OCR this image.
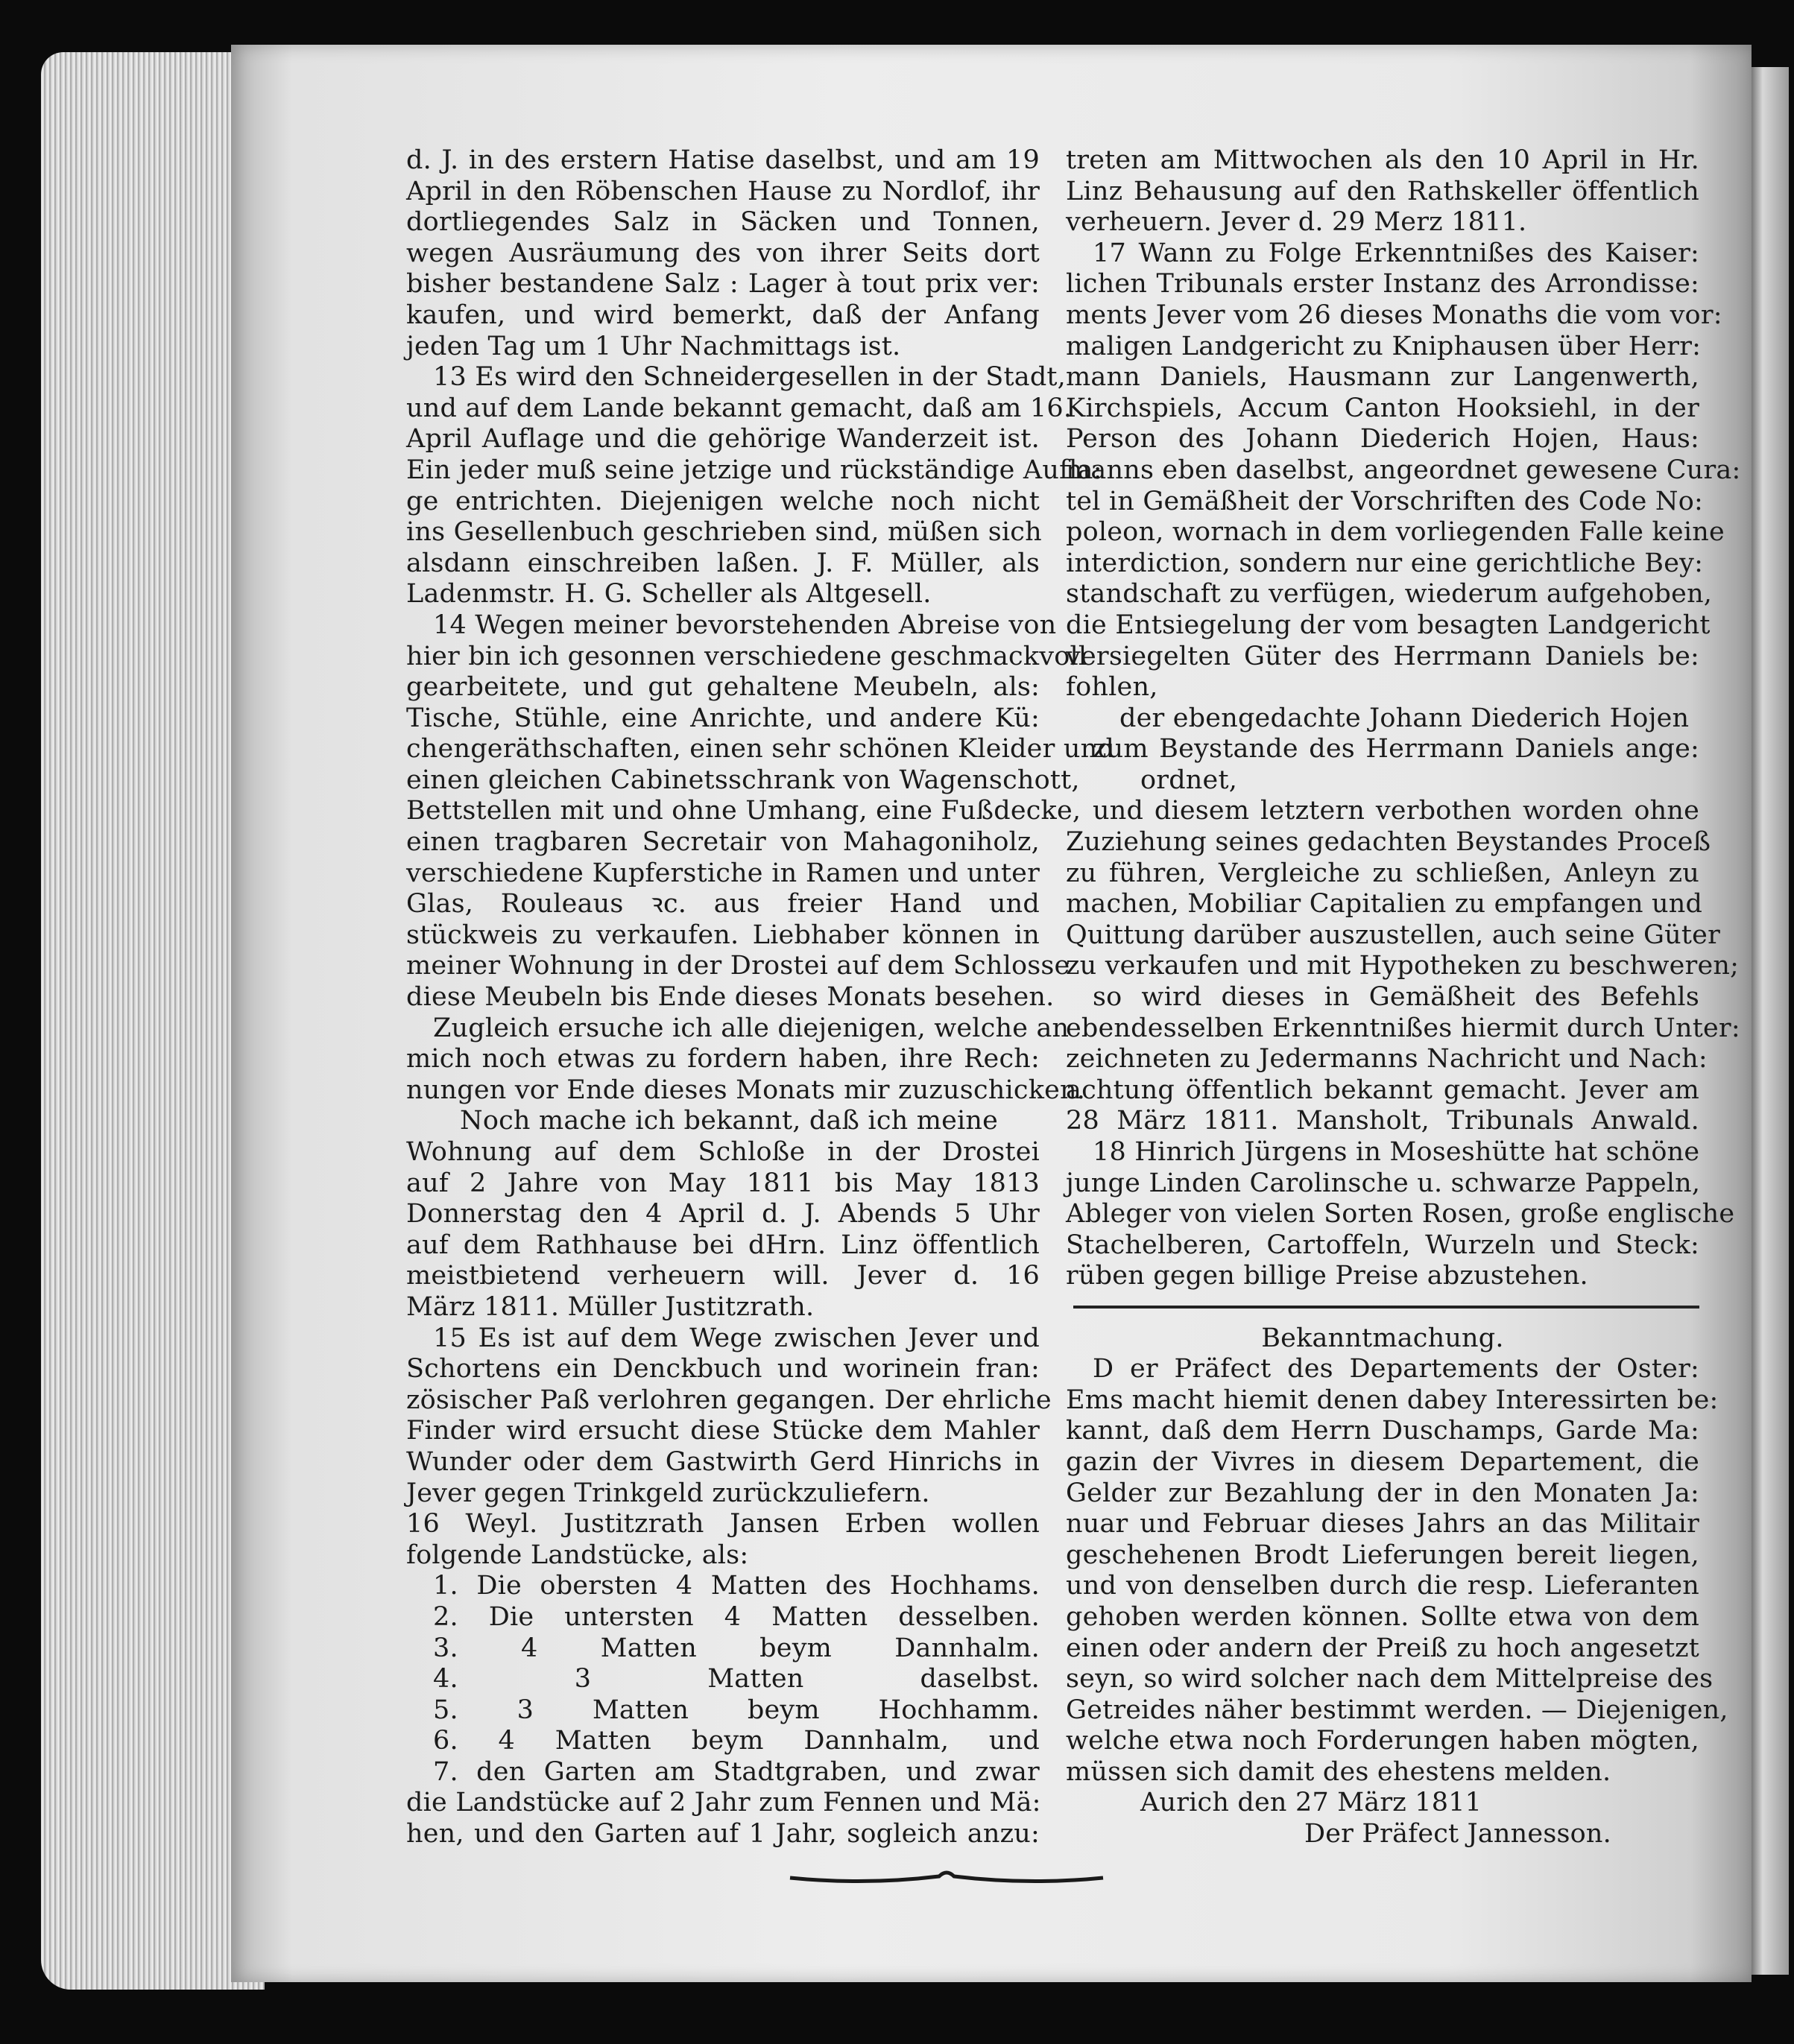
d. J. in des erstern Hatise daselbst, und am 19
April in den Röbenschen Hause zu Nordlof, ihr
dortliegendes Salz in Säcken und Tonnen,
wegen Ausräumung des von ihrer Seits dort
bisher bestandene Salz : Lager à tout prix ver:
kaufen, und wird bemerkt, daß der Anfang
jeden Tag um 1 Uhr Nachmittags ist.
13 Es wird den Schneidergesellen in der Stadt,
und auf dem Lande bekannt gemacht, daß am 16.
April Auflage und die gehörige Wanderzeit ist.
Ein jeder muß seine jetzige und rückständige Aufla:
ge entrichten. Diejenigen welche noch nicht
ins Gesellenbuch geschrieben sind, müßen sich
alsdann einschreiben laßen. J. F. Müller, als
Ladenmstr. H. G. Scheller als Altgesell.
14 Wegen meiner bevorstehenden Abreise von
hier bin ich gesonnen verschiedene geschmackvoll
gearbeitete, und gut gehaltene Meubeln, als:
Tische, Stühle, eine Anrichte, und andere Kü:
chengeräthschaften, einen sehr schönen Kleider und
einen gleichen Cabinetsschrank von Wagenschott,
Bettstellen mit und ohne Umhang, eine Fußdecke,
einen tragbaren Secretair von Mahagoniholz,
verschiedene Kupferstiche in Ramen und unter
Glas, Rouleaus ꝛc. aus freier Hand und
stückweis zu verkaufen. Liebhaber können in
meiner Wohnung in der Drostei auf dem Schlosse
diese Meubeln bis Ende dieses Monats besehen.
Zugleich ersuche ich alle diejenigen, welche an
mich noch etwas zu fordern haben, ihre Rech:
nungen vor Ende dieses Monats mir zuzuschicken.
Noch mache ich bekannt, daß ich meine
Wohnung auf dem Schloße in der Drostei
auf 2 Jahre von May 1811 bis May 1813
Donnerstag den 4 April d. J. Abends 5 Uhr
auf dem Rathhause bei dHrn. Linz öffentlich
meistbietend verheuern will. Jever d. 16
März 1811. Müller Justitzrath.
15 Es ist auf dem Wege zwischen Jever und
Schortens ein Denckbuch und worinein fran:
zösischer Paß verlohren gegangen. Der ehrliche
Finder wird ersucht diese Stücke dem Mahler
Wunder oder dem Gastwirth Gerd Hinrichs in
Jever gegen Trinkgeld zurückzuliefern.
16 Weyl. Justitzrath Jansen Erben wollen
folgende Landstücke, als:
1. Die obersten 4 Matten des Hochhams.
2. Die untersten 4 Matten desselben.
3. 4 Matten beym Dannhalm.
4. 3 Matten daselbst.
5. 3 Matten beym Hochhamm.
6. 4 Matten beym Dannhalm, und
7. den Garten am Stadtgraben, und zwar
die Landstücke auf 2 Jahr zum Fennen und Mä:
hen, und den Garten auf 1 Jahr, sogleich anzu:
treten am Mittwochen als den 10 April in Hr.
Linz Behausung auf den Rathskeller öffentlich
verheuern. Jever d. 29 Merz 1811.
17 Wann zu Folge Erkenntnißes des Kaiser:
lichen Tribunals erster Instanz des Arrondisse:
ments Jever vom 26 dieses Monaths die vom vor:
maligen Landgericht zu Kniphausen über Herr:
mann Daniels, Hausmann zur Langenwerth,
Kirchspiels, Accum Canton Hooksiehl, in der
Person des Johann Diederich Hojen, Haus:
manns eben daselbst, angeordnet gewesene Cura:
tel in Gemäßheit der Vorschriften des Code No:
poleon, wornach in dem vorliegenden Falle keine
interdiction, sondern nur eine gerichtliche Bey:
standschaft zu verfügen, wiederum aufgehoben,
die Entsiegelung der vom besagten Landgericht
versiegelten Güter des Herrmann Daniels be:
fohlen,
der ebengedachte Johann Diederich Hojen
zum Beystande des Herrmann Daniels ange:
ordnet,
und diesem letztern verbothen worden ohne
Zuziehung seines gedachten Beystandes Proceß
zu führen, Vergleiche zu schließen, Anleyn zu
machen, Mobiliar Capitalien zu empfangen und
Quittung darüber auszustellen, auch seine Güter
zu verkaufen und mit Hypotheken zu beschweren;
so wird dieses in Gemäßheit des Befehls
ebendesselben Erkenntnißes hiermit durch Unter:
zeichneten zu Jedermanns Nachricht und Nach:
achtung öffentlich bekannt gemacht. Jever am
28 März 1811. Mansholt, Tribunals Anwald.
18 Hinrich Jürgens in Moseshütte hat schöne
junge Linden Carolinsche u. schwarze Pappeln,
Ableger von vielen Sorten Rosen, große englische
Stachelberen, Cartoffeln, Wurzeln und Steck:
rüben gegen billige Preise abzustehen.
Bekanntmachung.
D er Präfect des Departements der Oster:
Ems macht hiemit denen dabey Interessirten be:
kannt, daß dem Herrn Duschamps, Garde Ma:
gazin der Vivres in diesem Departement, die
Gelder zur Bezahlung der in den Monaten Ja:
nuar und Februar dieses Jahrs an das Militair
geschehenen Brodt Lieferungen bereit liegen,
und von denselben durch die resp. Lieferanten
gehoben werden können. Sollte etwa von dem
einen oder andern der Preiß zu hoch angesetzt
seyn, so wird solcher nach dem Mittelpreise des
Getreides näher bestimmt werden. — Diejenigen,
welche etwa noch Forderungen haben mögten,
müssen sich damit des ehestens melden.
Aurich den 27 März 1811
Der Präfect Jannesson.
